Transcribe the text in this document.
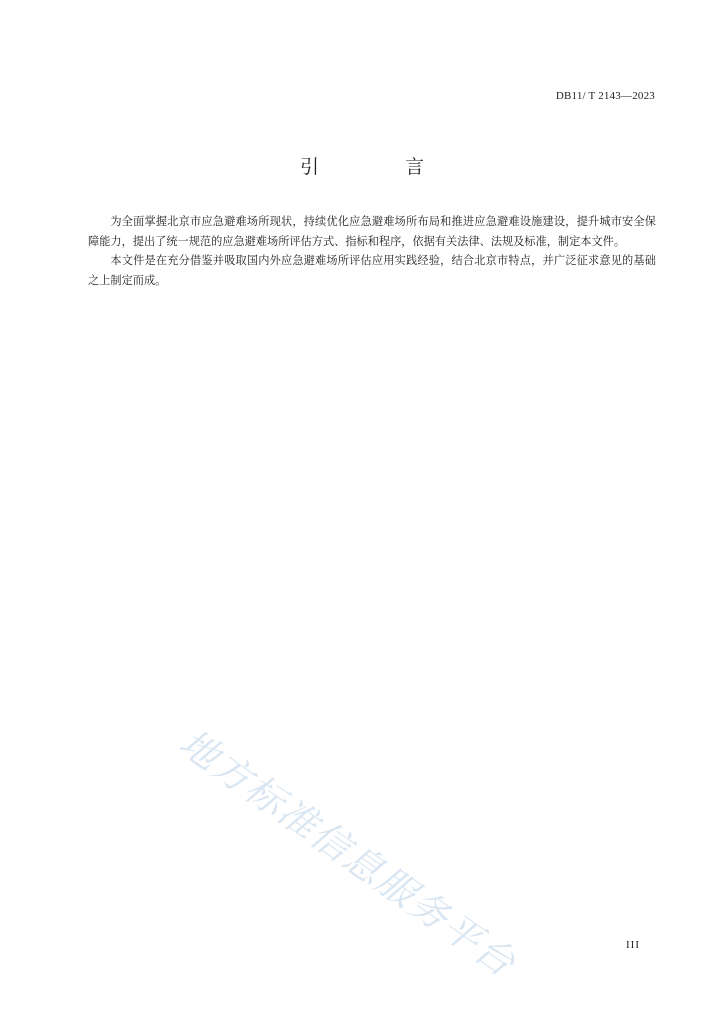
DB11/ T 2143—2023
引 言

为全面掌握北京市应急避难场所现状，持续优化应急避难场所布局和推进应急避难设施建设，提升城市安全保障能力，提出了统一规范的应急避难场所评估方式、指标和程序，依据有关法律、法规及标准，制定本文件。

本文件是在充分借鉴并吸取国内外应急避难场所评估应用实践经验，结合北京市特点，并广泛征求意见的基础之上制定而成。

地方标准信息服务平台	III
